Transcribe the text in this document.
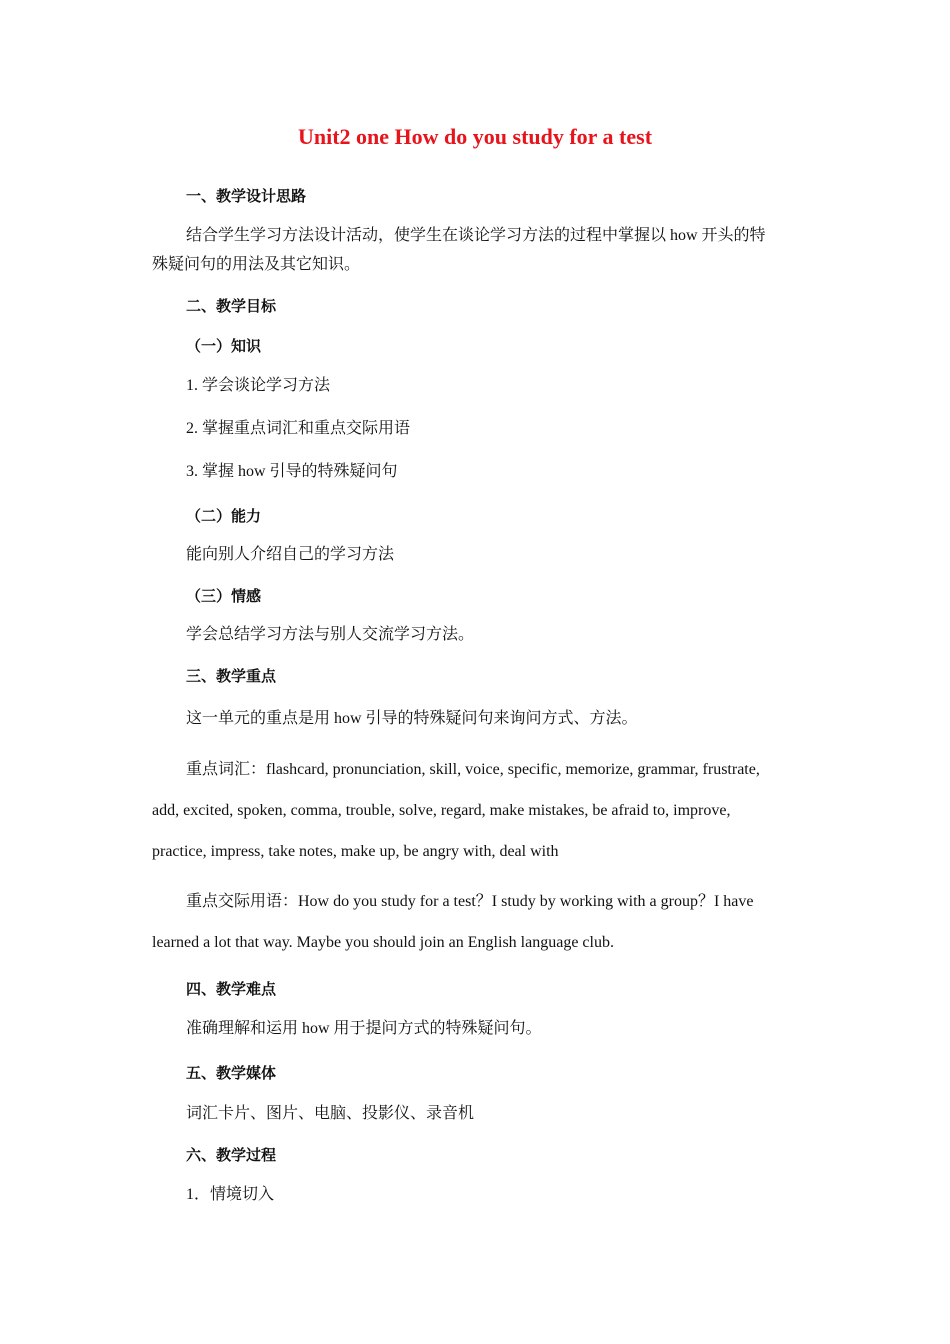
Unit2 one How do you study for a test
一、教学设计思路
结合学生学习方法设计活动，使学生在谈论学习方法的过程中掌握以 how 开头的特
殊疑问句的用法及其它知识。
二、教学目标
（一）知识
1. 学会谈论学习方法
2. 掌握重点词汇和重点交际用语
3. 掌握 how 引导的特殊疑问句
（二）能力
能向别人介绍自己的学习方法
（三）情感
学会总结学习方法与别人交流学习方法。
三、教学重点
这一单元的重点是用 how 引导的特殊疑问句来询问方式、方法。
重点词汇：flashcard, pronunciation, skill, voice, specific, memorize, grammar, frustrate,
add, excited, spoken, comma, trouble, solve, regard, make mistakes, be afraid to, improve,
practice, impress, take notes, make up, be angry with, deal with
重点交际用语：How do you study for a test？I study by working with a group？I have
learned a lot that way. Maybe you should join an English language club.
四、教学难点
准确理解和运用 how 用于提问方式的特殊疑问句。
五、教学媒体
词汇卡片、图片、电脑、投影仪、录音机
六、教学过程
1．情境切入
